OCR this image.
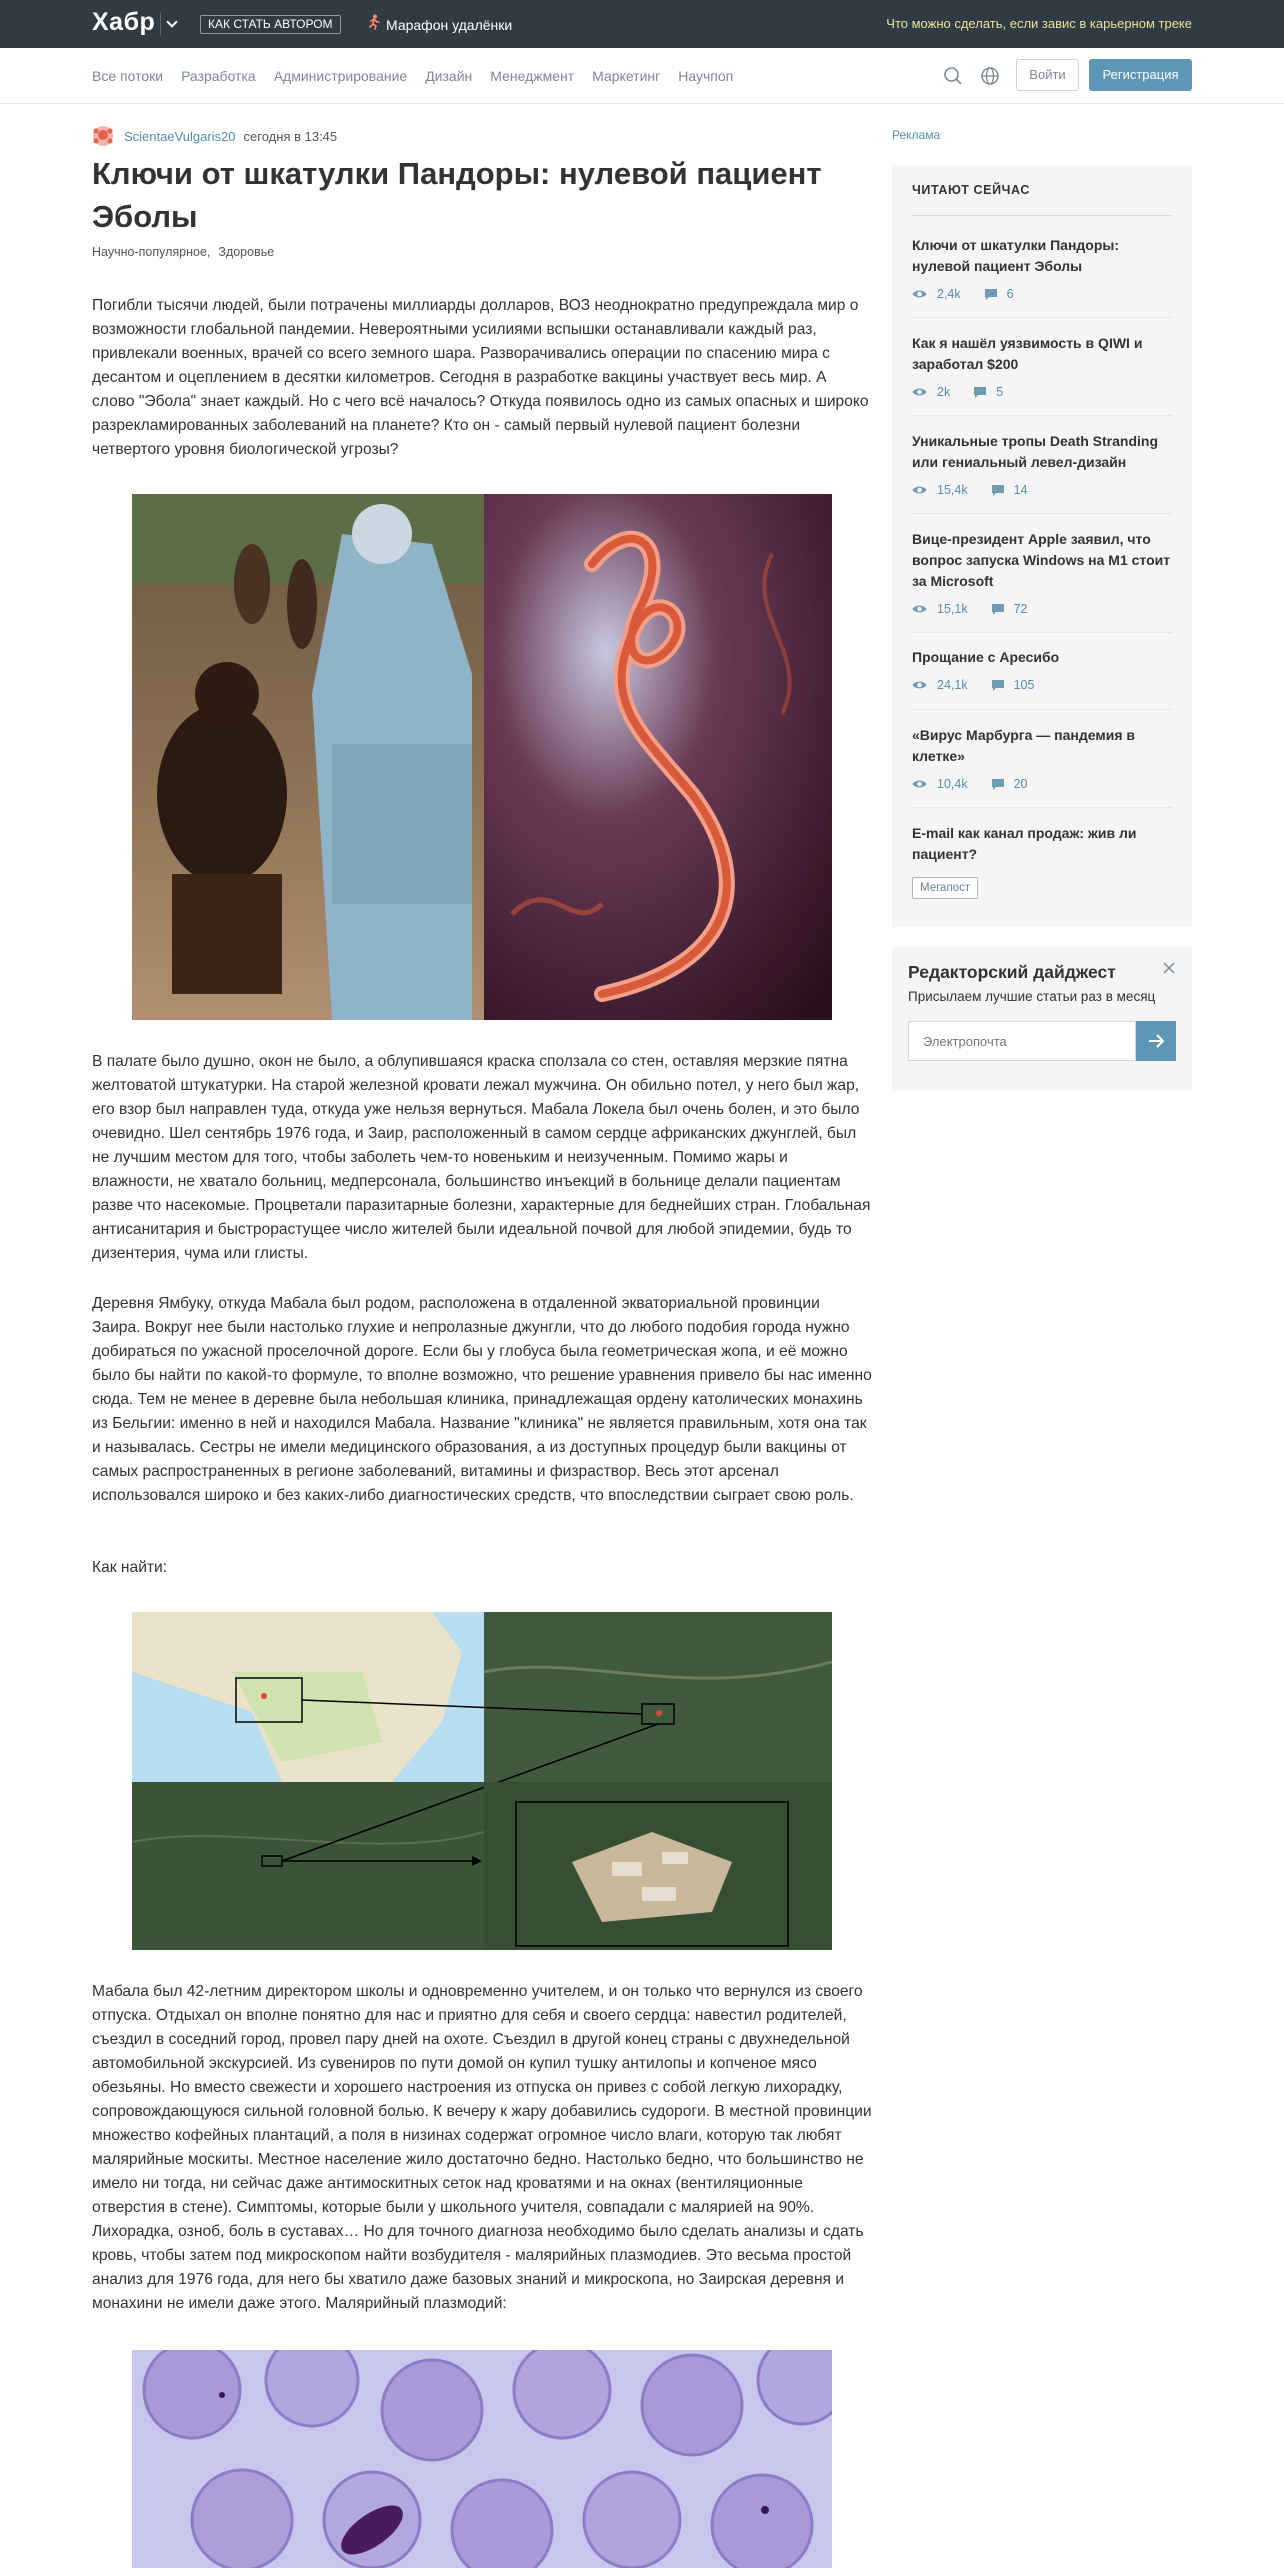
Хабр	КАК СТАТЬ АВТОРОМ	Марафон удалёнки	Что можно сделать, если завис в карьерном треке
Все потоки Разработка Администрирование Дизайн Менеджмент Маркетинг Научпоп	Войти	Регистрация
ScientaeVulgaris20 сегодня в 13:45
Ключи от шкатулки Пандоры: нулевой пациент Эболы
Научно-популярное, Здоровье

Погибли тысячи людей, были потрачены миллиарды долларов, ВОЗ неоднократно предупреждала мир о возможности глобальной пандемии. Невероятными усилиями вспышки останавливали каждый раз, привлекали военных, врачей со всего земного шара. Разворачивались операции по спасению мира с десантом и оцеплением в десятки километров. Сегодня в разработке вакцины участвует весь мир. А слово "Эбола" знает каждый. Но с чего всё началось? Откуда появилось одно из самых опасных и широко разрекламированных заболеваний на планете? Кто он - самый первый нулевой пациент болезни четвертого уровня биологической угрозы?

В палате было душно, окон не было, а облупившаяся краска сползала со стен, оставляя мерзкие пятна желтоватой штукатурки. На старой железной кровати лежал мужчина. Он обильно потел, у него был жар, его взор был направлен туда, откуда уже нельзя вернуться. Мабала Локела был очень болен, и это было очевидно. Шел сентябрь 1976 года, и Заир, расположенный в самом сердце африканских джунглей, был не лучшим местом для того, чтобы заболеть чем-то новеньким и неизученным. Помимо жары и влажности, не хватало больниц, медперсонала, большинство инъекций в больнице делали пациентам разве что насекомые. Процветали паразитарные болезни, характерные для беднейших стран. Глобальная антисанитария и быстрорастущее число жителей были идеальной почвой для любой эпидемии, будь то дизентерия, чума или глисты.

Деревня Ямбуку, откуда Мабала был родом, расположена в отдаленной экваториальной провинции Заира. Вокруг нее были настолько глухие и непролазные джунгли, что до любого подобия города нужно добираться по ужасной проселочной дороге. Если бы у глобуса была геометрическая жопа, и её можно было бы найти по какой-то формуле, то вполне возможно, что решение уравнения привело бы нас именно сюда. Тем не менее в деревне была небольшая клиника, принадлежащая ордену католических монахинь из Бельгии: именно в ней и находился Мабала. Название "клиника" не является правильным, хотя она так и называлась. Сестры не имели медицинского образования, а из доступных процедур были вакцины от самых распространенных в регионе заболеваний, витамины и физраствор. Весь этот арсенал использовался широко и без каких-либо диагностических средств, что впоследствии сыграет свою роль.

Как найти:

Мабала был 42-летним директором школы и одновременно учителем, и он только что вернулся из своего отпуска. Отдыхал он вполне понятно для нас и приятно для себя и своего сердца: навестил родителей, съездил в соседний город, провел пару дней на охоте. Съездил в другой конец страны с двухнедельной автомобильной экскурсией. Из сувениров по пути домой он купил тушку антилопы и копченое мясо обезьяны. Но вместо свежести и хорошего настроения из отпуска он привез с собой легкую лихорадку, сопровождающуюся сильной головной болью. К вечеру к жару добавились судороги. В местной провинции множество кофейных плантаций, а поля в низинах содержат огромное число влаги, которую так любят малярийные москиты. Местное население жило достаточно бедно. Настолько бедно, что большинство не имело ни тогда, ни сейчас даже антимоскитных сеток над кроватями и на окнах (вентиляционные отверстия в стене). Симптомы, которые были у школьного учителя, совпадали с малярией на 90%. Лихорадка, озноб, боль в суставах… Но для точного диагноза необходимо было сделать анализы и сдать кровь, чтобы затем под микроскопом найти возбудителя - малярийных плазмодиев. Это весьма простой анализ для 1976 года, для него бы хватило даже базовых знаний и микроскопа, но Заирская деревня и монахини не имели даже этого. Малярийный плазмодий:

Реклама
ЧИТАЮТ СЕЙЧАС
Ключи от шкатулки Пандоры: нулевой пациент Эболы
2,4k	6
Как я нашёл уязвимость в QIWI и заработал $200
2k	5
Уникальные тропы Death Stranding или гениальный левел-дизайн
15,4k	14
Вице-президент Apple заявил, что вопрос запуска Windows на M1 стоит за Microsoft
15,1k	72
Прощание с Аресибо
24,1k	105
«Вирус Марбурга — пандемия в клетке»
10,4k	20
E-mail как канал продаж: жив ли пациент?
Мегапост
Редакторский дайджест
Присылаем лучшие статьи раз в месяц
Электропочта
